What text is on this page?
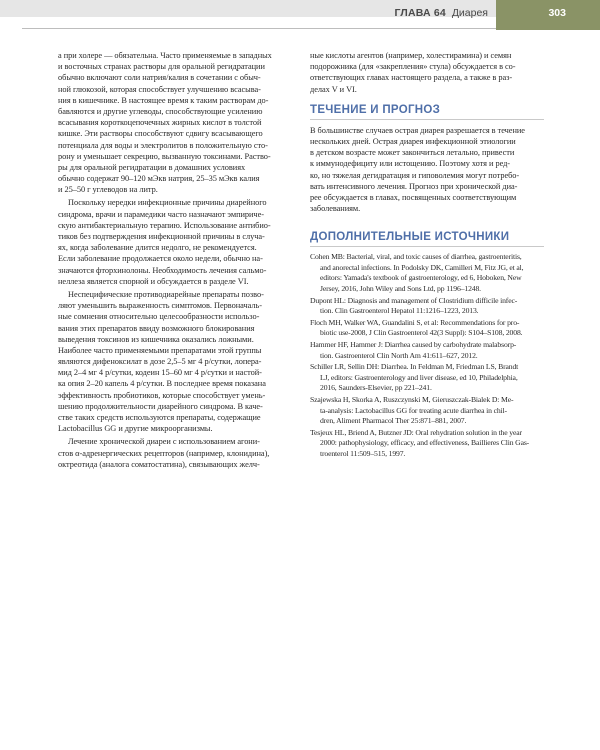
ГЛАВА 64 Диарея	303
а при холере — обязательна. Часто применяемые в западных
и восточных странах растворы для оральной регидратации
обычно включают соли натрия/калия в сочетании с обыч-
ной глюкозой, которая способствует улучшению всасыва-
ния в кишечнике. В настоящее время к таким растворам до-
бавляются и другие углеводы, способствующие усилению
всасывания короткоцепочечных жирных кислот в толстой
кишке. Эти растворы способствуют сдвигу всасывающего
потенциала для воды и электролитов в положительную сто-
рону и уменьшает секрецию, вызванную токсинами. Раство-
ры для оральной регидратации в домашних условиях
обычно содержат 90–120 мЭкв натрия, 25–35 мЭкв калия
и 25–50 г углеводов на литр.
Поскольку нередки инфекционные причины диарейного
синдрома, врачи и парамедики часто назначают эмпириче-
скую антибактериальную терапию. Использование антибио-
тиков без подтверждения инфекционной причины в случа-
ях, когда заболевание длится недолго, не рекомендуется.
Если заболевание продолжается около недели, обычно на-
значаются фторхинолоны. Необходимость лечения сальмо-
неллеза является спорной и обсуждается в разделе VI.
Неспецифические противодиарейные препараты позво-
ляют уменьшить выраженность симптомов. Первоначаль-
ные сомнения относительно целесообразности использо-
вания этих препаратов ввиду возможного блокирования
выведения токсинов из кишечника оказались ложными.
Наиболее часто применяемыми препаратами этой группы
являются дифеноксилат в дозе 2,5–5 мг 4 р/сутки, лопера-
мид 2–4 мг 4 р/сутки, кодеин 15–60 мг 4 р/сутки и настой-
ка опия 2–20 капель 4 р/сутки. В последнее время показана
эффективность пробиотиков, которые способствует умень-
шению продолжительности диарейного синдрома. В каче-
стве таких средств используются препараты, содержащие
Lactobacillus GG и другие микроорганизмы.
Лечение хронической диареи с использованием агони-
стов α-адренергических рецепторов (например, клонидина),
октреотида (аналога соматостатина), связывающих желч-
ные кислоты агентов (например, холестирамина) и семян
подорожника (для «закрепления» стула) обсуждается в со-
ответствующих главах настоящего раздела, а также в раз-
делах V и VI.
ТЕЧЕНИЕ И ПРОГНОЗ
В большинстве случаев острая диарея разрешается в течение
нескольких дней. Острая диарея инфекционной этиологии
в детском возрасте может закончиться летально, привести
к иммунодефициту или истощению. Поэтому хотя и ред-
ко, но тяжелая дегидратация и гиповолемия могут потребо-
вать интенсивного лечения. Прогноз при хронической диа-
рее обсуждается в главах, посвященных соответствующим
заболеваниям.
ДОПОЛНИТЕЛЬНЫЕ ИСТОЧНИКИ
Cohen MB: Bacterial, viral, and toxic causes of diarrhea, gastroenteritis,
and anorectal infections. In Podolsky DK, Camilleri M, Fitz JG, et al,
editors: Yamada's textbook of gastroenterology, ed 6, Hoboken, New
Jersey, 2016, John Wiley and Sons Ltd, pp 1196–1248.
Dupont HL: Diagnosis and management of Clostridium difficile infec-
tion. Clin Gastroenterol Hepatol 11:1216–1223, 2013.
Floch MH, Walker WA, Guandalini S, et al: Recommendations for pro-
biotic use-2008, J Clin Gastroenterol 42(3 Suppl): S104–S108, 2008.
Hammer HF, Hammer J: Diarrhea caused by carbohydrate malabsorp-
tion. Gastroenterol Clin North Am 41:611–627, 2012.
Schiller LR, Sellin DH: Diarrhea. In Feldman M, Friedman LS, Brandt
LJ, editors: Gastroenterology and liver disease, ed 10, Philadelphia,
2016, Saunders-Elsevier, pp 221–241.
Szajewska H, Skorka A, Ruszczynski M, Gieruszczak-Bialek D: Me-
ta-analysis: Lactobacillus GG for treating acute diarrhea in chil-
dren, Aliment Pharmacol Ther 25:871–881, 2007.
Tesjeux HL, Briend A, Butzner JD: Oral rehydration solution in the year
2000: pathophysiology, efficacy, and effectiveness, Baillieres Clin Gas-
troenterol 11:509–515, 1997.
